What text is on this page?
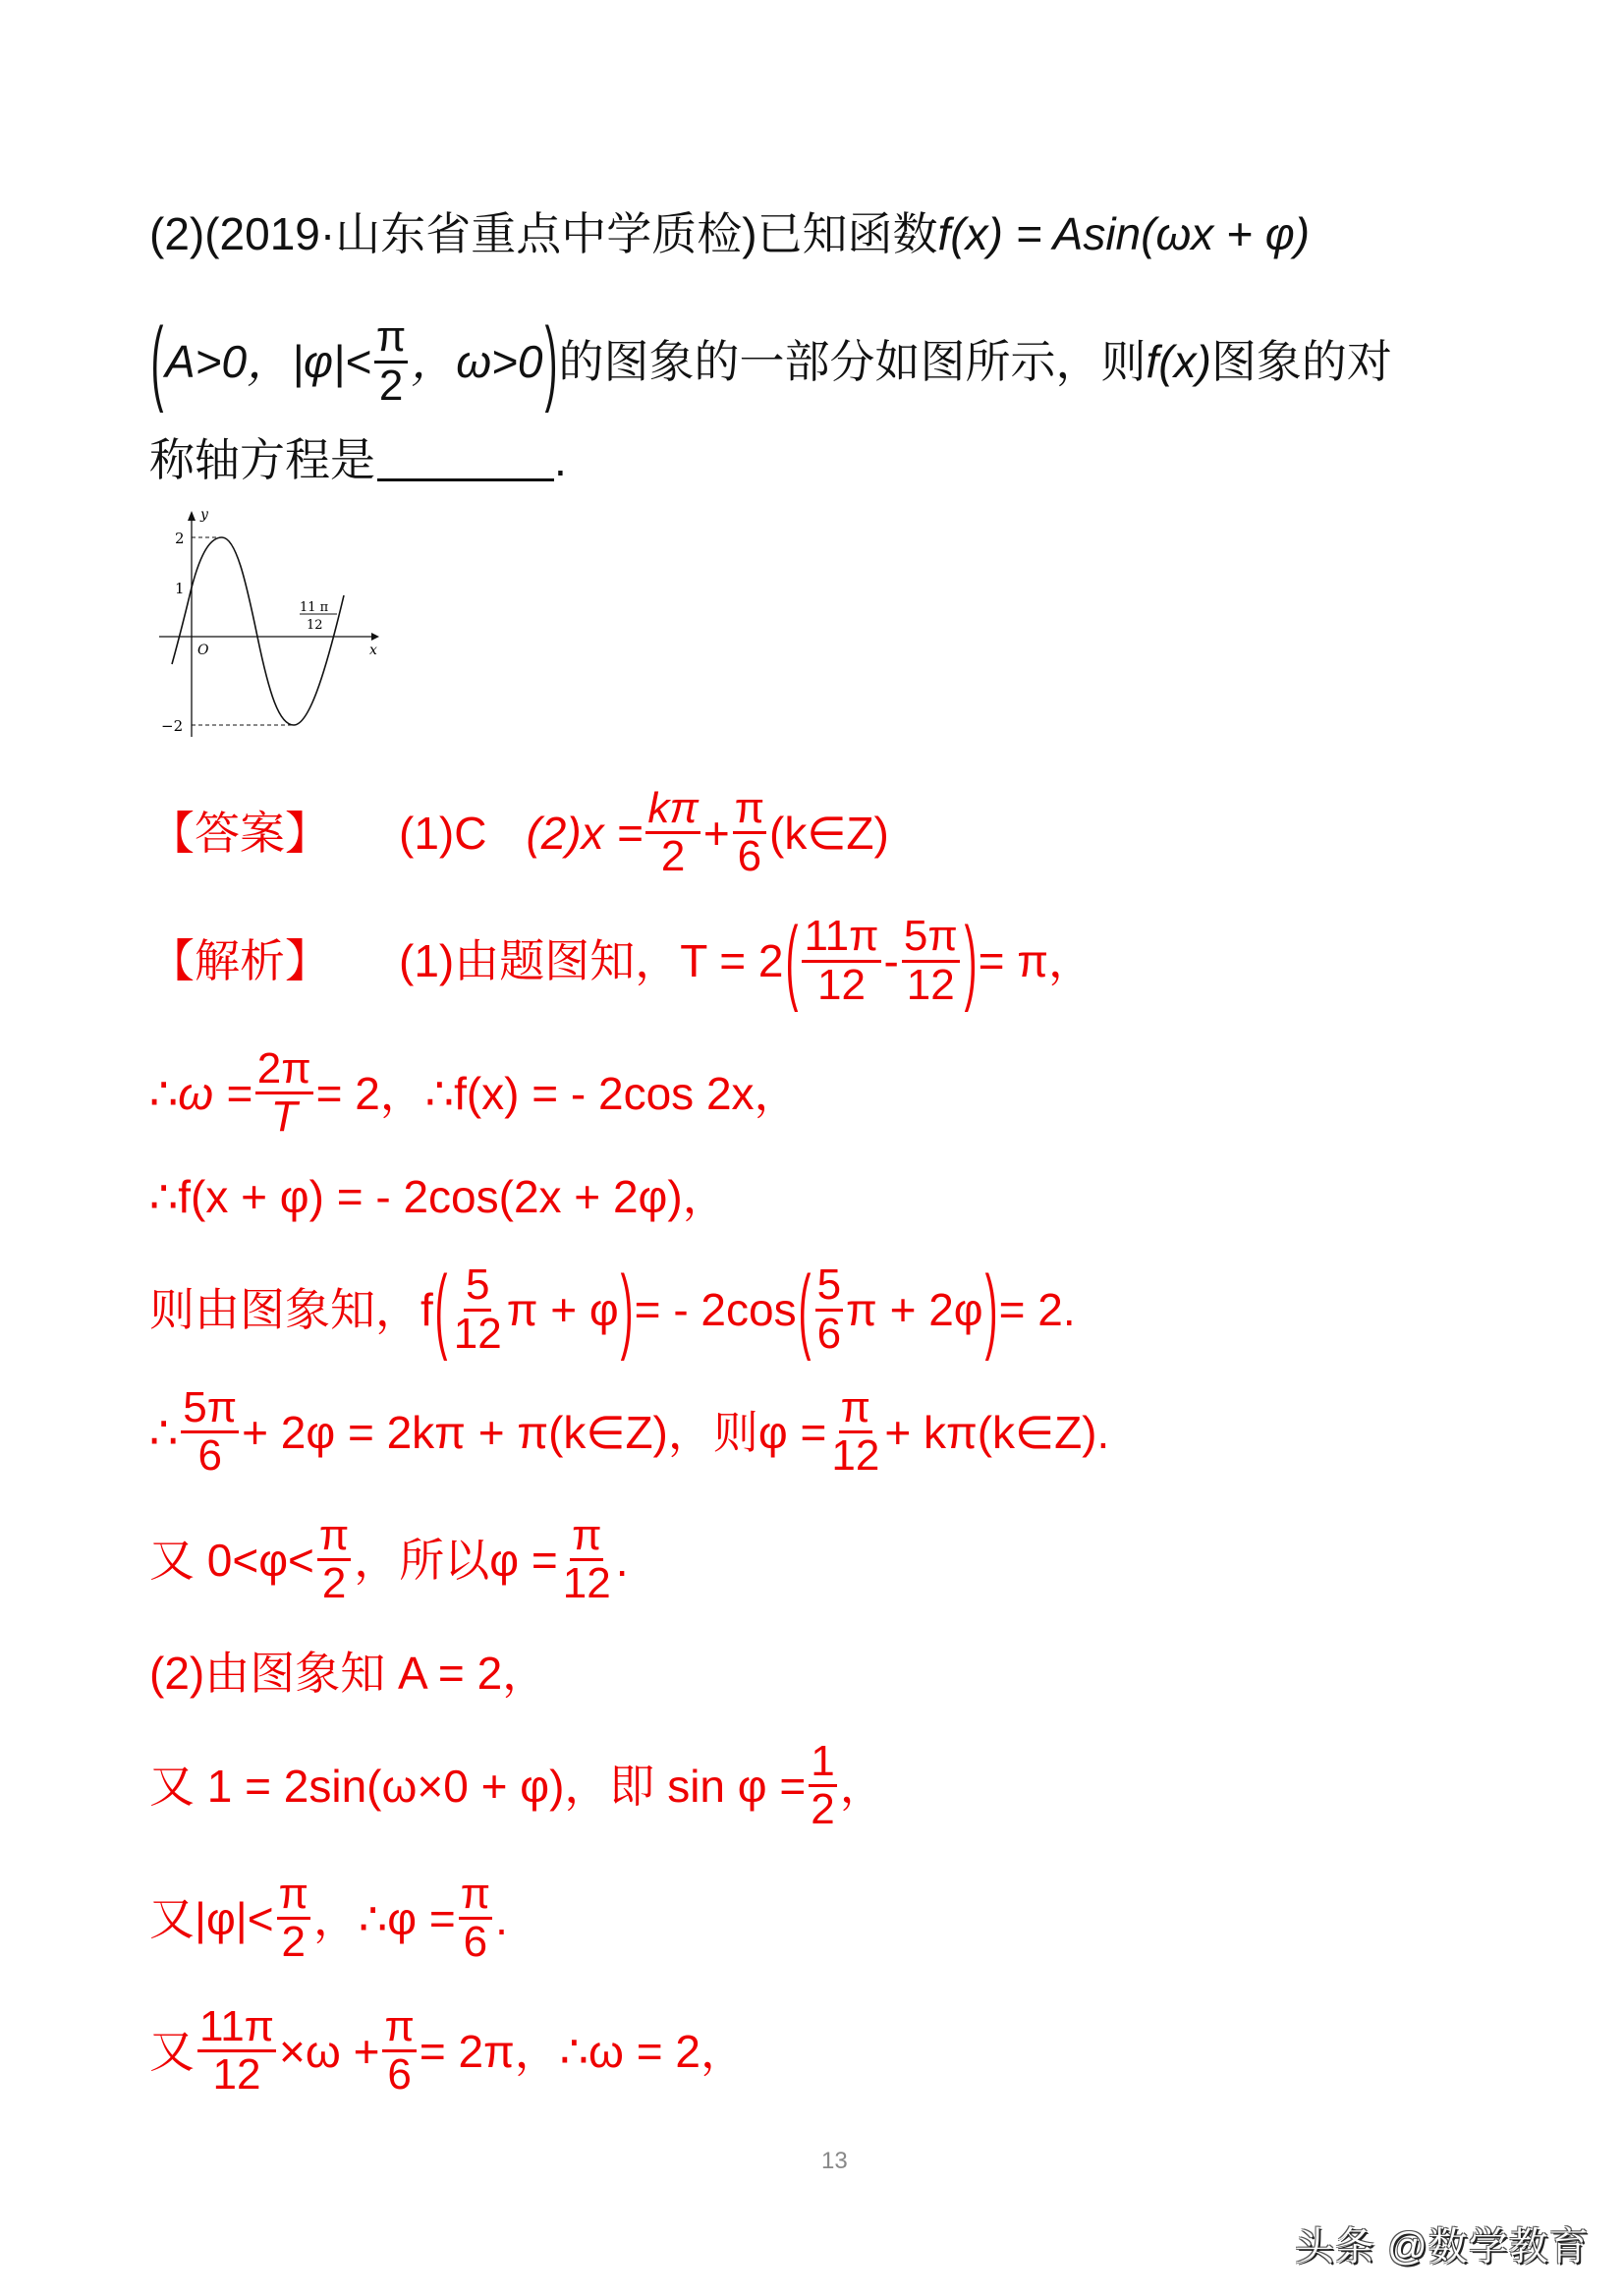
(2)(2019·山东省重点中学质检)已知函数 f(x) = Asin(ωx + φ)
( A>0，$|\varphi|< \frac{\pi}{2}$ ，ω>0 ) 的图象的一部分如图所示，则 f(x) 图象的对
称轴方程是	.
y
x
O
2
1
−2
11 π
12
【答案】 (1)C $(2)x = \frac{k\pi}{2} + \frac{\pi}{6}$ (k∈Z)
【解析】 (1)由题图知，T = 2 ( $\frac{11\pi}{12} - \frac{5\pi}{12}$ ) = π，
∴ω = $\frac{2\pi}{T} = 2$，∴f(x) = - 2cos 2x，
∴f(x + φ) = - 2cos(2x + 2φ)，
则由图象知，f ( $\frac{5}{12}$ π + φ ) = - 2cos ( $\frac{5}{6}$ π + 2φ ) = 2.
∴ $\frac{5\pi}{6} + 2\varphi = 2k\pi$ + π(k∈Z)，则$\varphi = \frac{\pi}{12}$ + kπ(k∈Z).
又 $0<\varphi< \frac{\pi}{2}$ ，所以$\varphi = \frac{\pi}{12}$ .
(2)由图象知 A = 2，
又 1 = 2sin(ω×0 + φ)，即 $\sin \varphi = \frac{1}{2}$ ，
又$|\varphi|< \frac{\pi}{2}$ ，∴φ = $\frac{\pi}{6}$ .
又 $\frac{11\pi}{12} \times\omega + \frac{\pi}{6} = 2\pi$，∴ω = 2，
13
头条 @数学教育
